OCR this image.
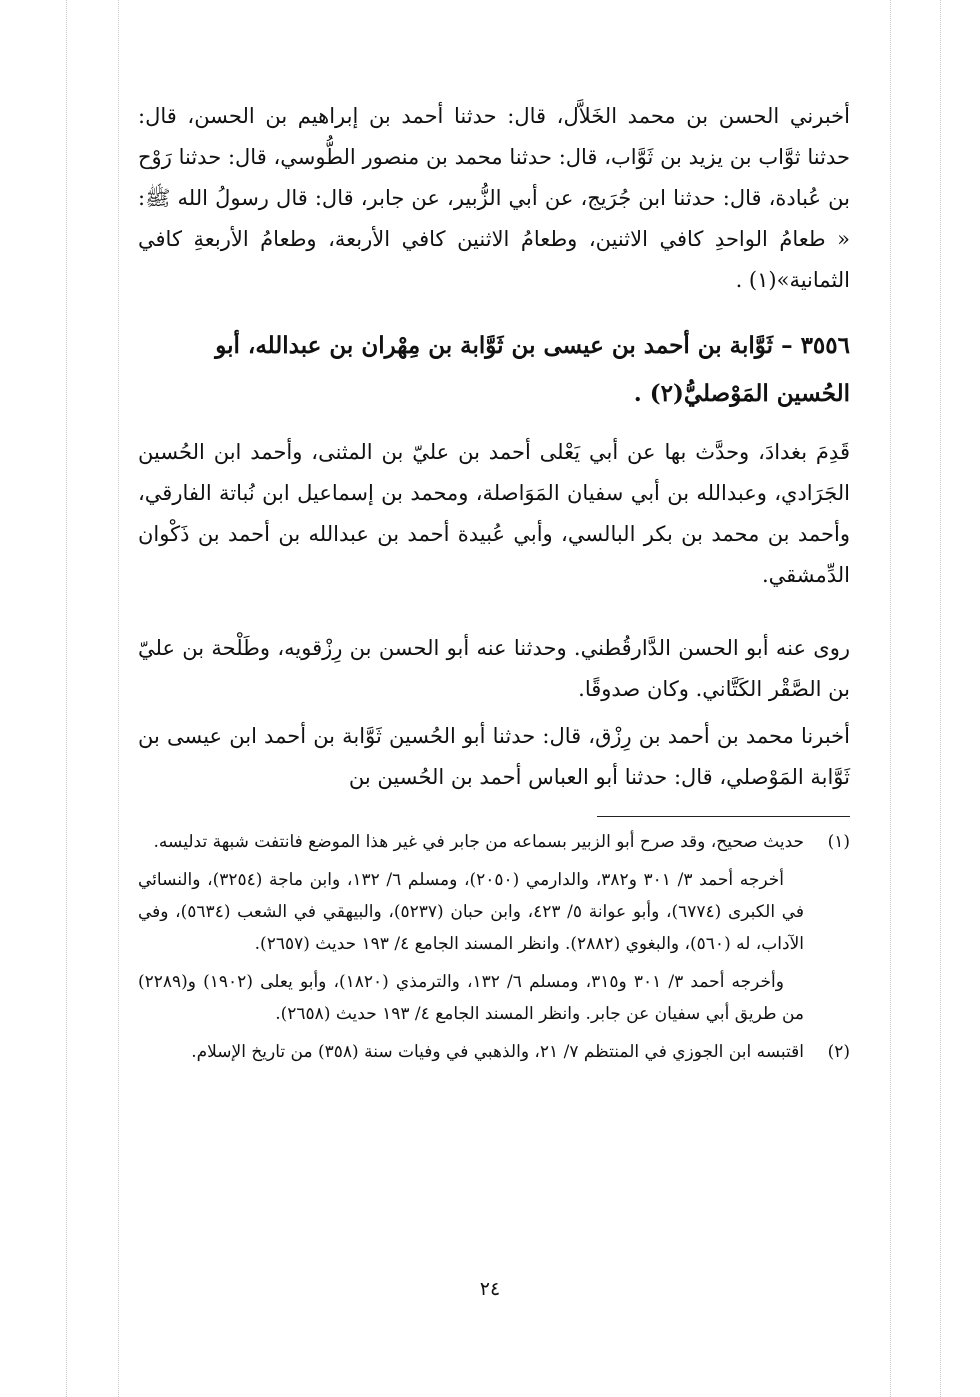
أخبرني الحسن بن محمد الخَلاَّل، قال: حدثنا أحمد بن إبراهيم بن الحسن، قال: حدثنا ثوَّاب بن يزيد بن ثَوَّاب، قال: حدثنا محمد بن منصور الطُّوسي، قال: حدثنا رَوْح بن عُبادة، قال: حدثنا ابن جُرَيج، عن أبي الزُّبير، عن جابر، قال: قال رسولُ الله ﷺ: « طعامُ الواحدِ كافي الاثنين، وطعامُ الاثنين كافي الأربعة، وطعامُ الأربعةِ كافي الثمانية»(١) .
٣٥٥٦ – ثَوَّابة بن أحمد بن عيسى بن ثَوَّابة بن مِهْران بن عبدالله، أبو الحُسين المَوْصليُّ(٢) .
قَدِمَ بغدادَ، وحدَّث بها عن أبي يَعْلى أحمد بن عليّ بن المثنى، وأحمد ابن الحُسين الجَرَادي، وعبدالله بن أبي سفيان المَوَاصلة، ومحمد بن إسماعيل ابن نُباتة الفارقي، وأحمد بن محمد بن بكر البالسي، وأبي عُبيدة أحمد بن عبدالله بن أحمد بن ذَكْوان الدِّمشقي.
روى عنه أبو الحسن الدَّارقُطني. وحدثنا عنه أبو الحسن بن رِزْقويه، وطَلْحة بن عليّ بن الصَّقْر الكَتَّاني. وكان صدوقًا.
أخبرنا محمد بن أحمد بن رِزْق، قال: حدثنا أبو الحُسين ثَوَّابة بن أحمد ابن عيسى بن ثَوَّابة المَوْصلي، قال: حدثنا أبو العباس أحمد بن الحُسين بن
(١)
حديث صحيح، وقد صرح أبو الزبير بسماعه من جابر في غير هذا الموضع فانتفت شبهة تدليسه.
أخرجه أحمد ٣/ ٣٠١ و٣٨٢، والدارمي (٢٠٥٠)، ومسلم ٦/ ١٣٢، وابن ماجة (٣٢٥٤)، والنسائي في الكبرى (٦٧٧٤)، وأبو عوانة ٥/ ٤٢٣، وابن حبان (٥٢٣٧)، والبيهقي في الشعب (٥٦٣٤)، وفي الآداب، له (٥٦٠)، والبغوي (٢٨٨٢). وانظر المسند الجامع ٤/ ١٩٣ حديث (٢٦٥٧).
وأخرجه أحمد ٣/ ٣٠١ و٣١٥، ومسلم ٦/ ١٣٢، والترمذي (١٨٢٠)، وأبو يعلى (١٩٠٢) و(٢٢٨٩) من طريق أبي سفيان عن جابر. وانظر المسند الجامع ٤/ ١٩٣ حديث (٢٦٥٨).
(٢)
اقتبسه ابن الجوزي في المنتظم ٧/ ٢١، والذهبي في وفيات سنة (٣٥٨) من تاريخ الإسلام.
٢٤
